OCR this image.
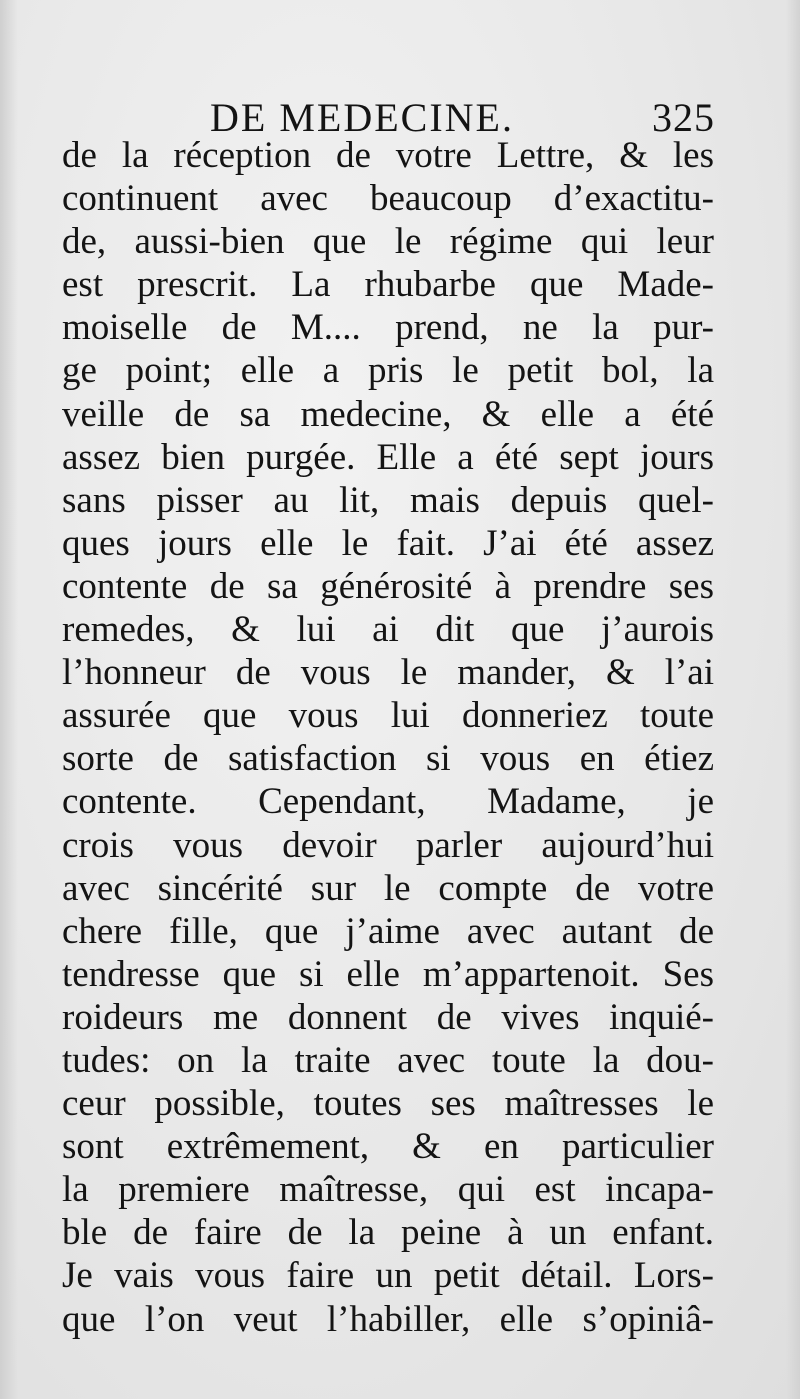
DE MEDECINE.	325
de la réception de votre Lettre, & les
continuent avec beaucoup d’exactitu-
de, aussi-bien que le régime qui leur
est prescrit. La rhubarbe que Made-
moiselle de M.... prend, ne la pur-
ge point; elle a pris le petit bol, la
veille de sa medecine, & elle a été
assez bien purgée. Elle a été sept jours
sans pisser au lit, mais depuis quel-
ques jours elle le fait. J’ai été assez
contente de sa générosité à prendre ses
remedes, & lui ai dit que j’aurois
l’honneur de vous le mander, & l’ai
assurée que vous lui donneriez toute
sorte de satisfaction si vous en étiez
contente. Cependant, Madame, je
crois vous devoir parler aujourd’hui
avec sincérité sur le compte de votre
chere fille, que j’aime avec autant de
tendresse que si elle m’appartenoit. Ses
roideurs me donnent de vives inquié-
tudes: on la traite avec toute la dou-
ceur possible, toutes ses maîtresses le
sont extrêmement, & en particulier
la premiere maîtresse, qui est incapa-
ble de faire de la peine à un enfant.
Je vais vous faire un petit détail. Lors-
que l’on veut l’habiller, elle s’opiniâ-
